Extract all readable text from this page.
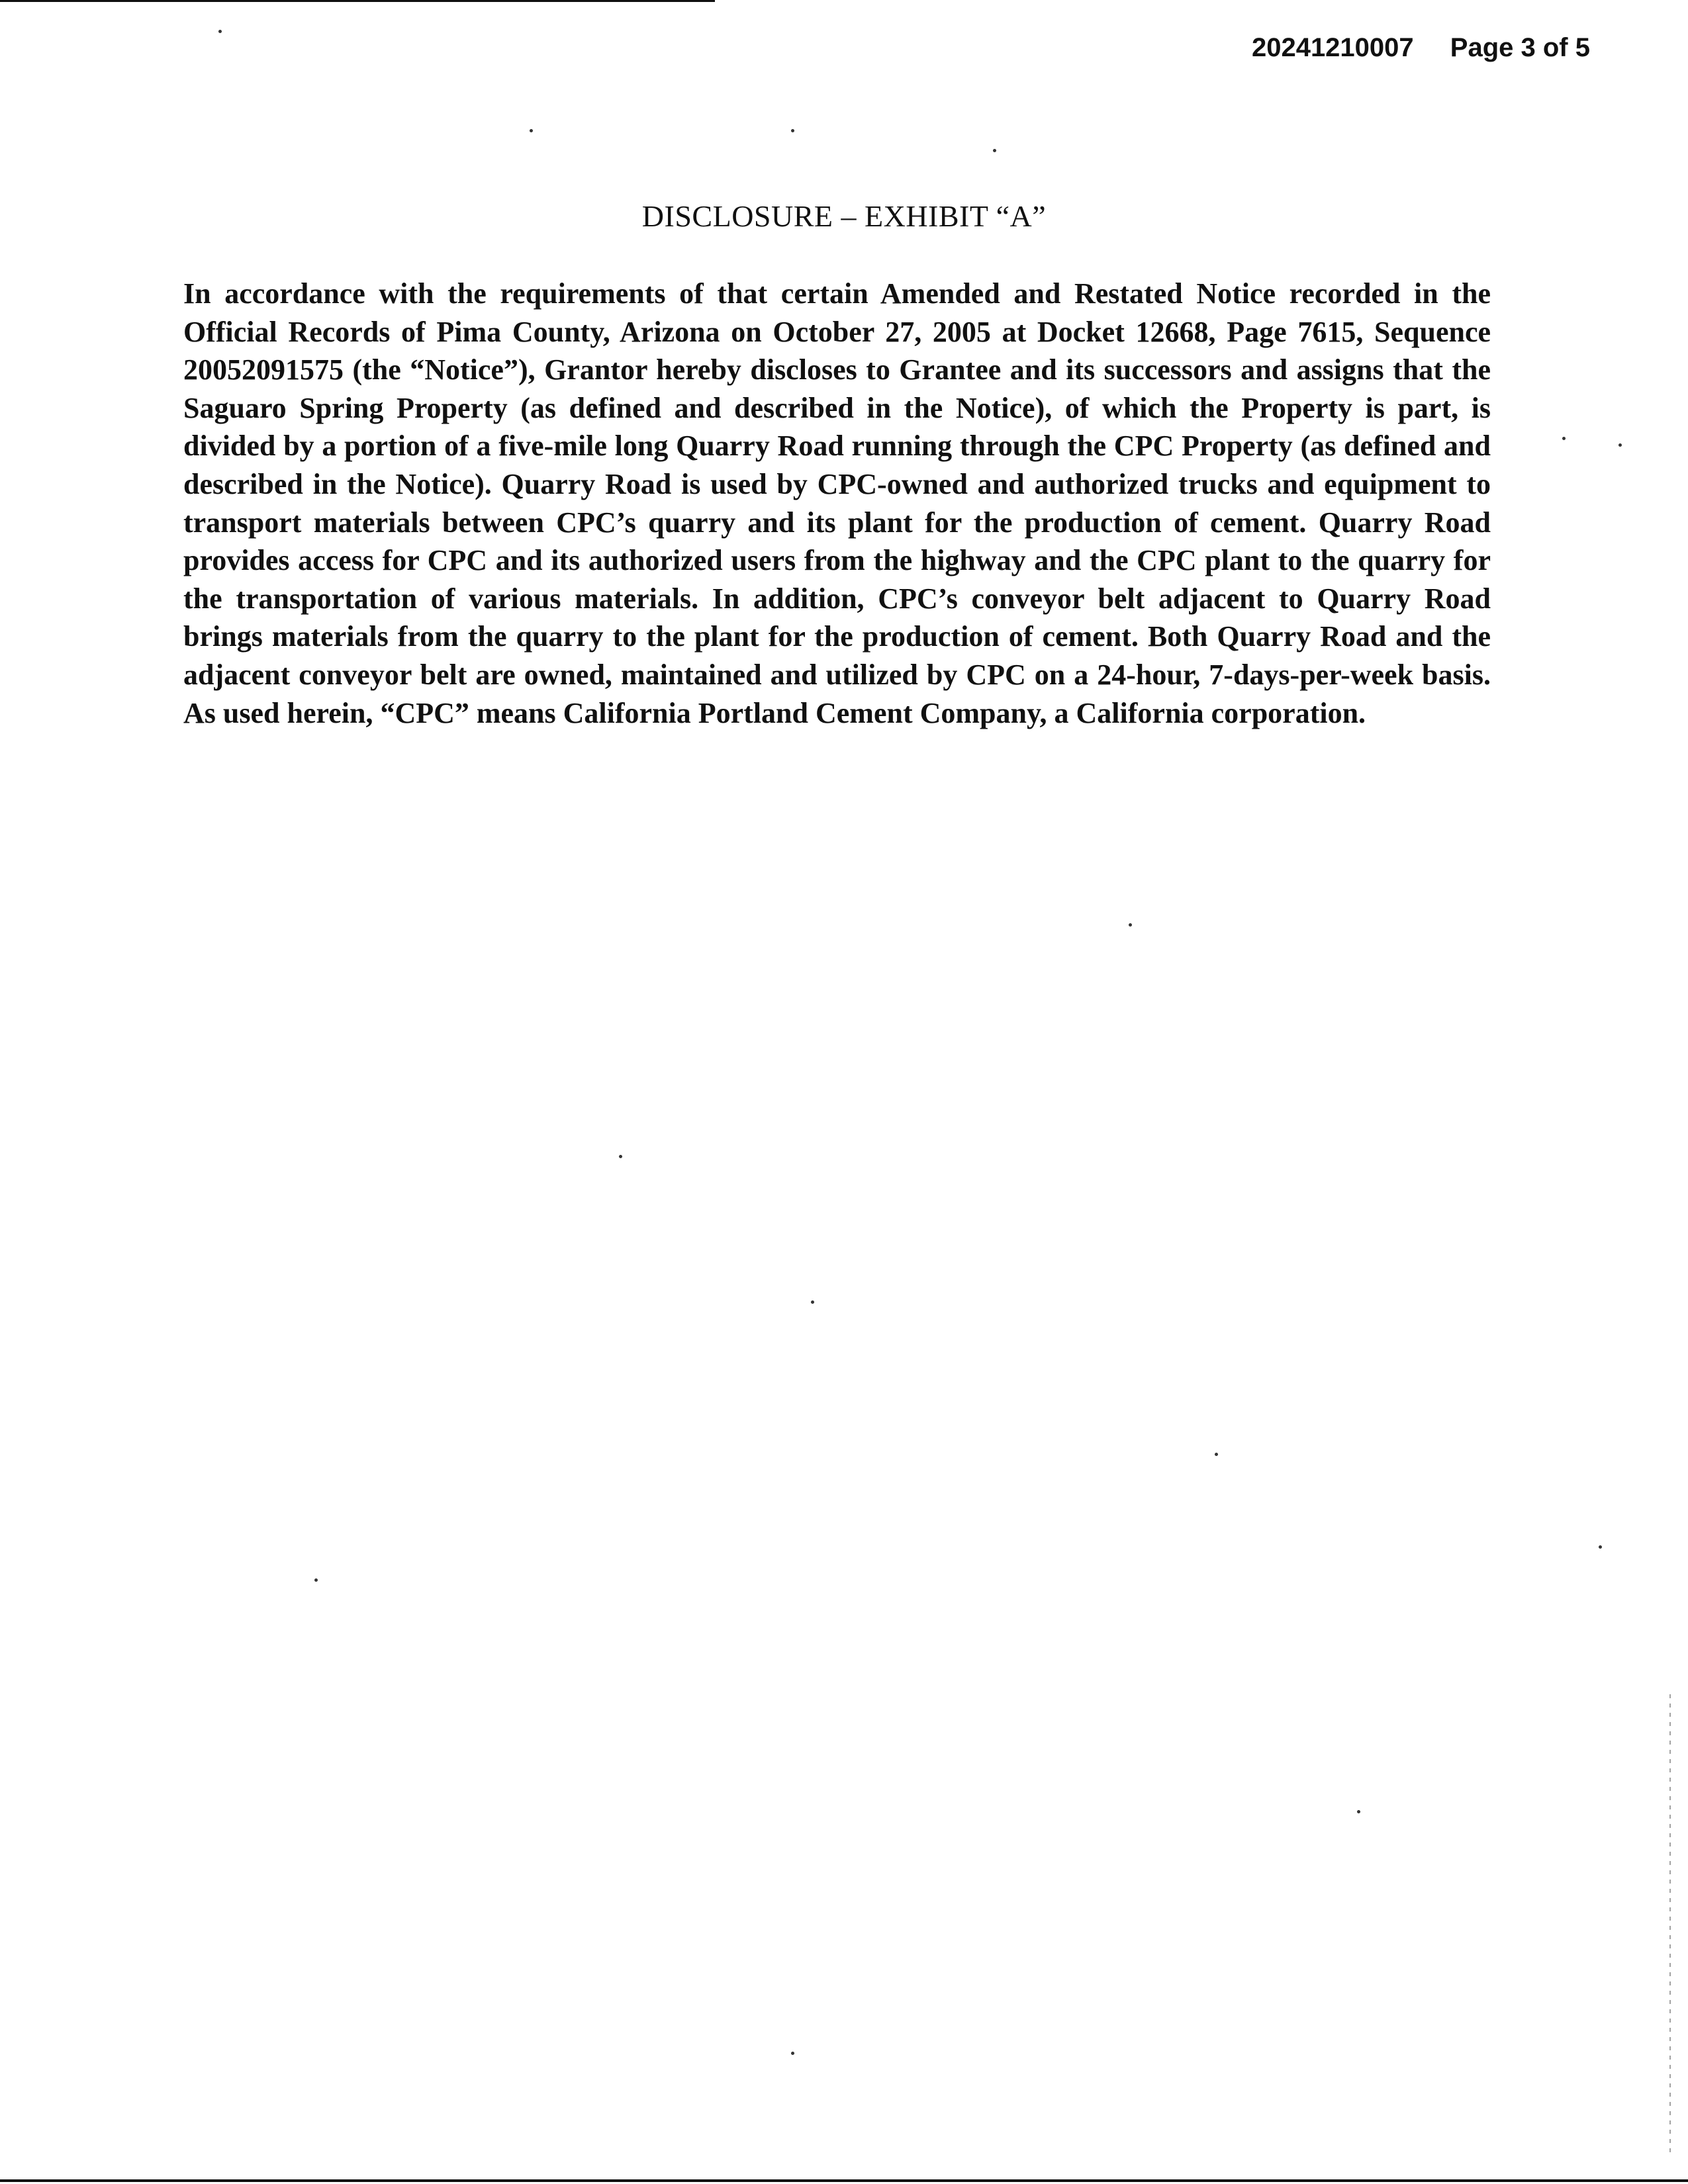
20241210007 Page 3 of 5
DISCLOSURE – EXHIBIT “A”

In accordance with the requirements of that certain Amended and Restated Notice recorded in the Official Records of Pima County, Arizona on October 27, 2005 at Docket 12668, Page 7615, Sequence 20052091575 (the “Notice”), Grantor hereby discloses to Grantee and its successors and assigns that the Saguaro Spring Property (as defined and described in the Notice), of which the Property is part, is divided by a portion of a five-mile long Quarry Road running through the CPC Property (as defined and described in the Notice). Quarry Road is used by CPC-owned and authorized trucks and equipment to transport materials between CPC’s quarry and its plant for the production of cement. Quarry Road provides access for CPC and its authorized users from the highway and the CPC plant to the quarry for the transportation of various materials. In addition, CPC’s conveyor belt adjacent to Quarry Road brings materials from the quarry to the plant for the production of cement. Both Quarry Road and the adjacent conveyor belt are owned, maintained and utilized by CPC on a 24-hour, 7-days-per-week basis. As used herein, “CPC” means California Portland Cement Company, a California corporation.
